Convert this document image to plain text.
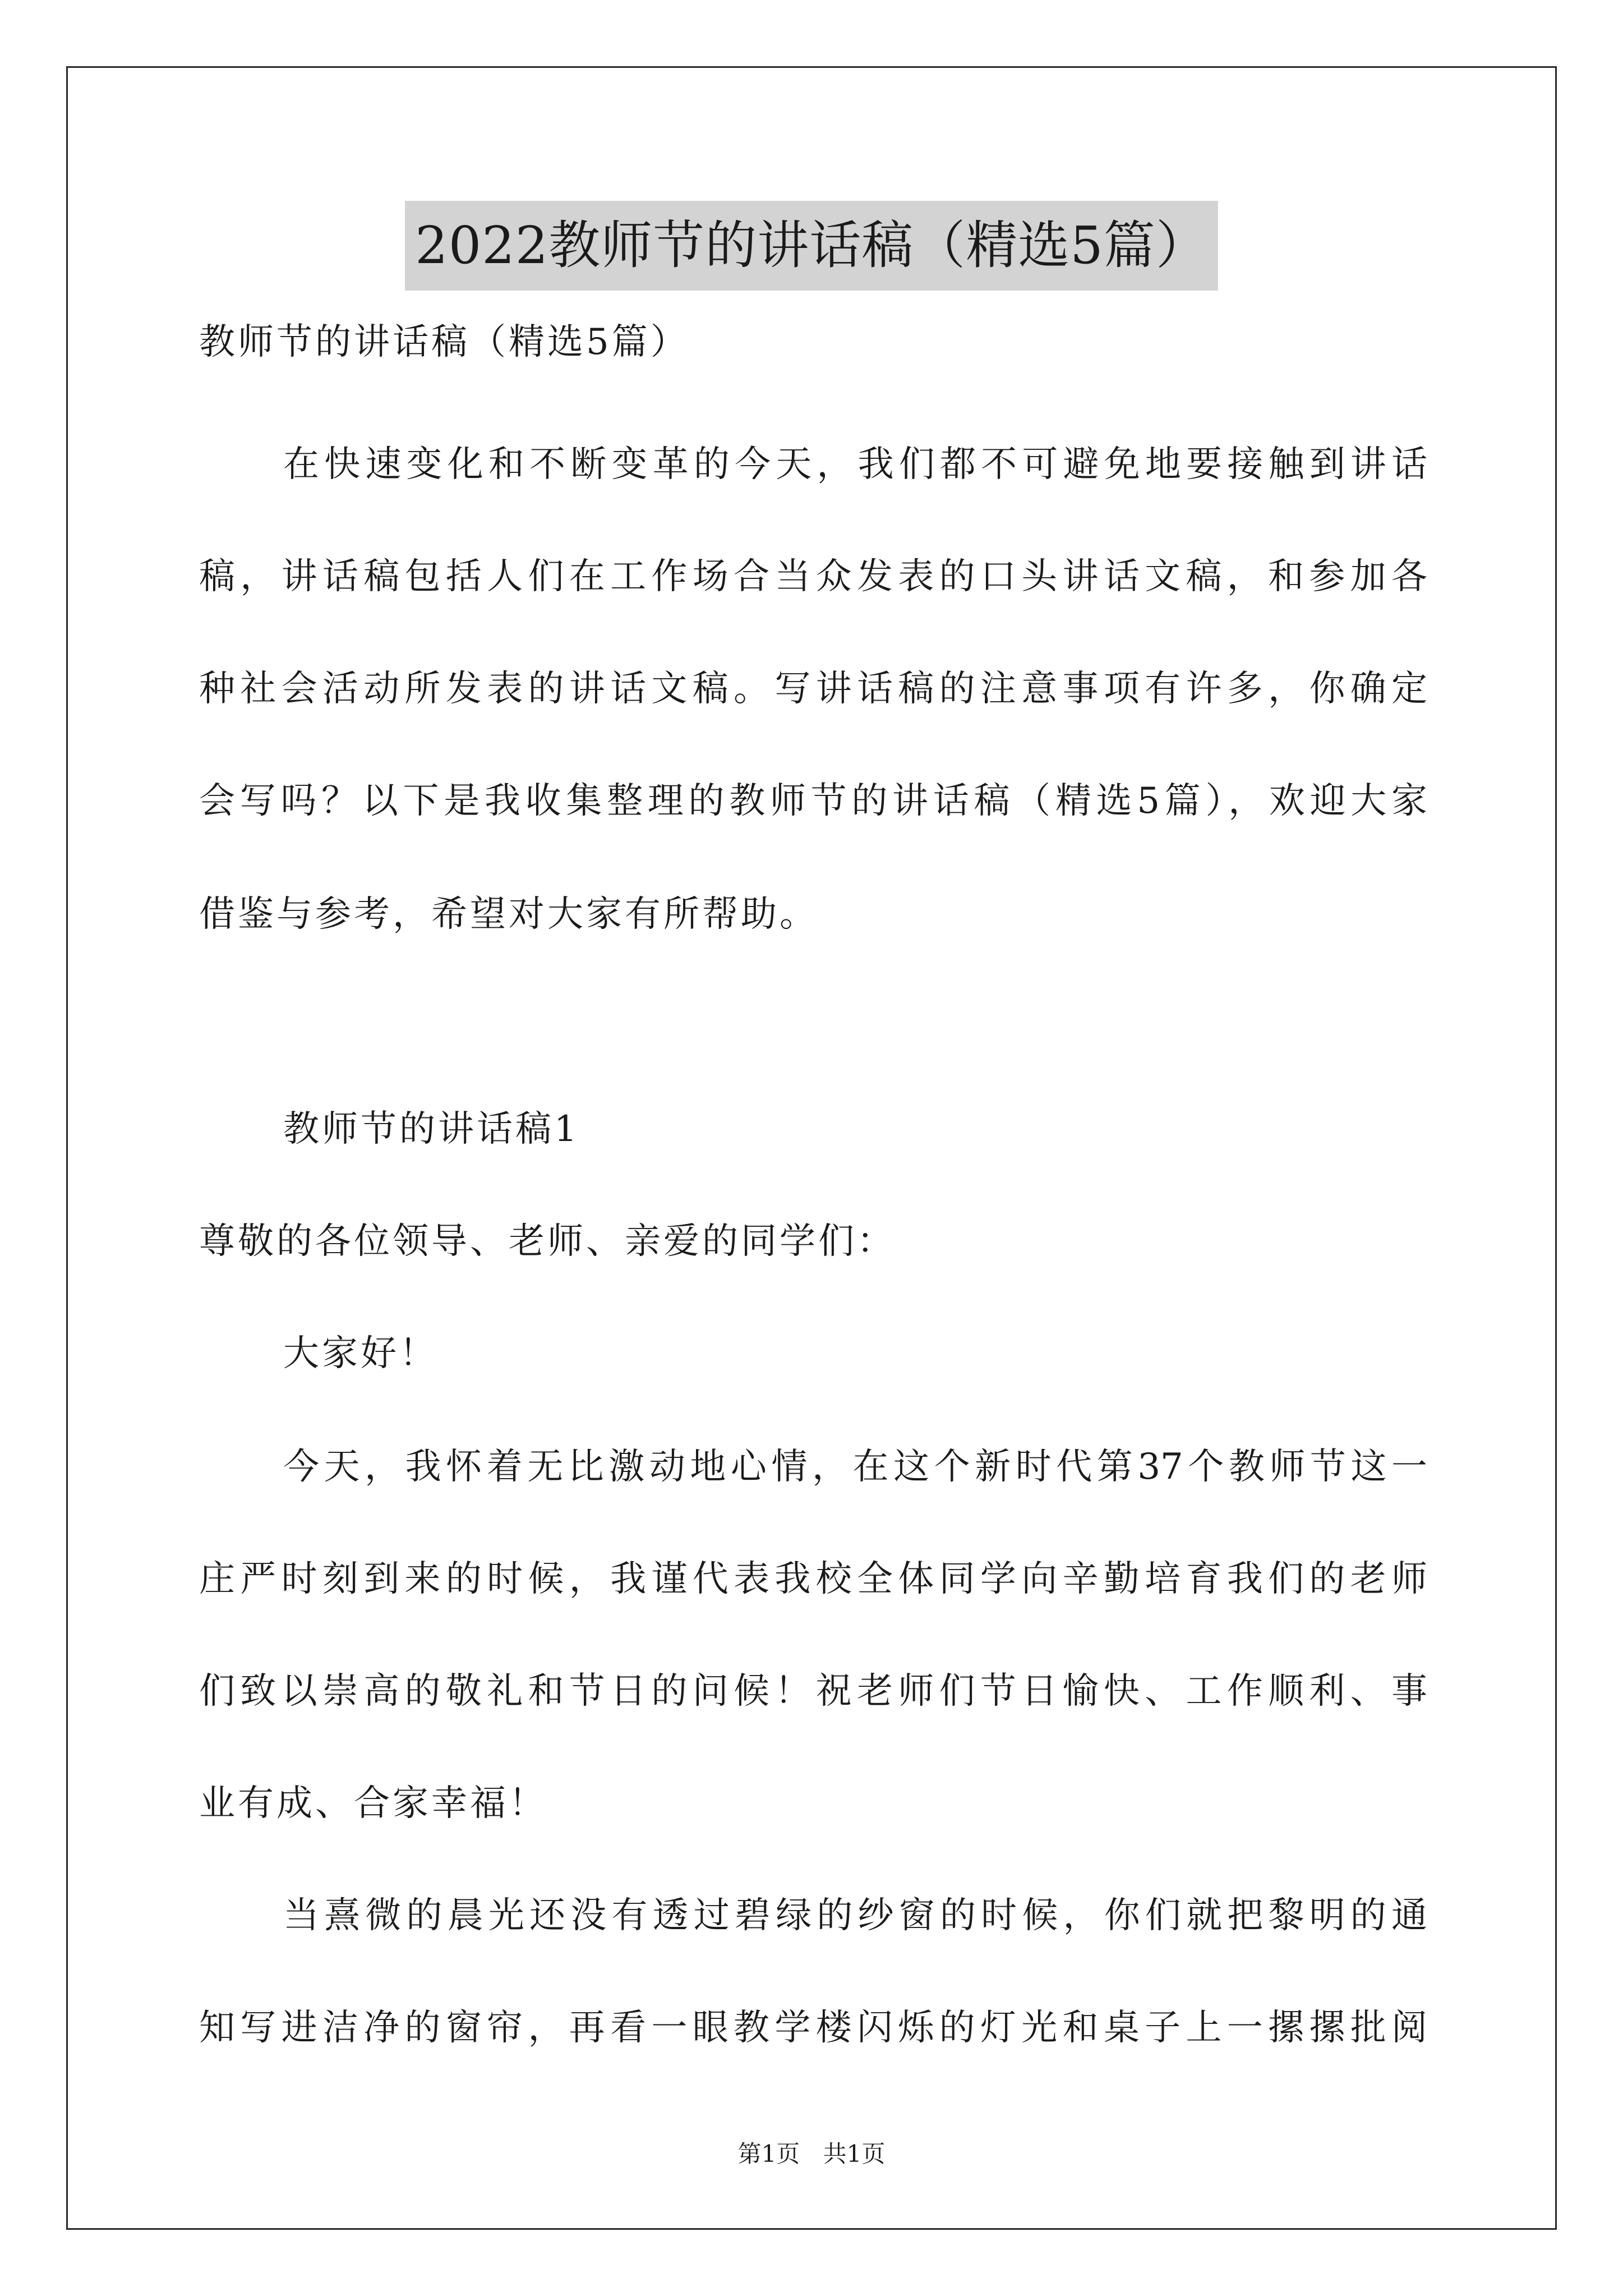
2022教师节的讲话稿（精选5篇）

教师节的讲话稿（精选5篇）

在快速变化和不断变革的今天，我们都不可避免地要接触到讲话

稿，讲话稿包括人们在工作场合当众发表的口头讲话文稿，和参加各

种社会活动所发表的讲话文稿。写讲话稿的注意事项有许多，你确定

会写吗？以下是我收集整理的教师节的讲话稿（精选5篇），欢迎大家

借鉴与参考，希望对大家有所帮助。

教师节的讲话稿1

尊敬的各位领导、老师、亲爱的同学们：

大家好！

今天，我怀着无比激动地心情，在这个新时代第37个教师节这一

庄严时刻到来的时候，我谨代表我校全体同学向辛勤培育我们的老师

们致以崇高的敬礼和节日的问候！祝老师们节日愉快、工作顺利、事

业有成、合家幸福！

当熹微的晨光还没有透过碧绿的纱窗的时候，你们就把黎明的通

知写进洁净的窗帘，再看一眼教学楼闪烁的灯光和桌子上一摞摞批阅

第1页 共1页
